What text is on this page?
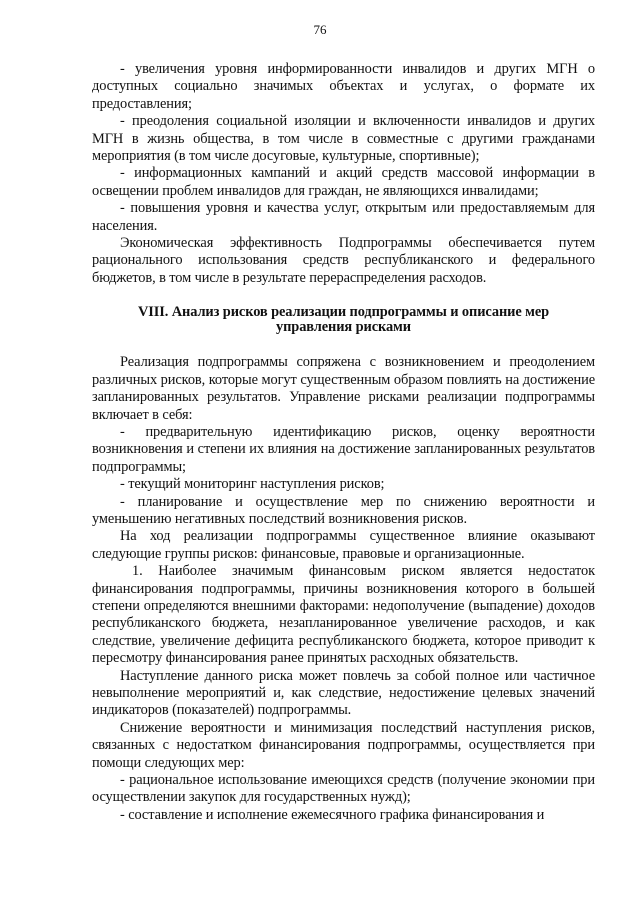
76

- увеличения уровня информированности инвалидов и других МГН о доступных социально значимых объектах и услугах, о формате их предоставления;

- преодоления социальной изоляции и включенности инвалидов и других МГН в жизнь общества, в том числе в совместные с другими гражданами мероприятия (в том числе досуговые, культурные, спортивные);

- информационных кампаний и акций средств массовой информации в освещении проблем инвалидов для граждан, не являющихся инвалидами;

- повышения уровня и качества услуг, открытым или предоставляемым для населения.

Экономическая эффективность Подпрограммы обеспечивается путем рационального использования средств республиканского и федерального бюджетов, в том числе в результате перераспределения расходов.

VIII. Анализ рисков реализации подпрограммы и описание мер управления рисками

Реализация подпрограммы сопряжена с возникновением и преодолением различных рисков, которые могут существенным образом повлиять на достижение запланированных результатов. Управление рисками реализации подпрограммы включает в себя:

- предварительную идентификацию рисков, оценку вероятности возникновения и степени их влияния на достижение запланированных результатов подпрограммы;

- текущий мониторинг наступления рисков;

- планирование и осуществление мер по снижению вероятности и уменьшению негативных последствий возникновения рисков.

На ход реализации подпрограммы существенное влияние оказывают следующие группы рисков: финансовые, правовые и организационные.

1. Наиболее значимым финансовым риском является недостаток финансирования подпрограммы, причины возникновения которого в большей степени определяются внешними факторами: недополучение (выпадение) доходов республиканского бюджета, незапланированное увеличение расходов, и как следствие, увеличение дефицита республиканского бюджета, которое приводит к пересмотру финансирования ранее принятых расходных обязательств.

Наступление данного риска может повлечь за собой полное или частичное невыполнение мероприятий и, как следствие, недостижение целевых значений индикаторов (показателей) подпрограммы.

Снижение вероятности и минимизация последствий наступления рисков, связанных с недостатком финансирования подпрограммы, осуществляется при помощи следующих мер:

- рациональное использование имеющихся средств (получение экономии при осуществлении закупок для государственных нужд);

- составление и исполнение ежемесячного графика финансирования и
